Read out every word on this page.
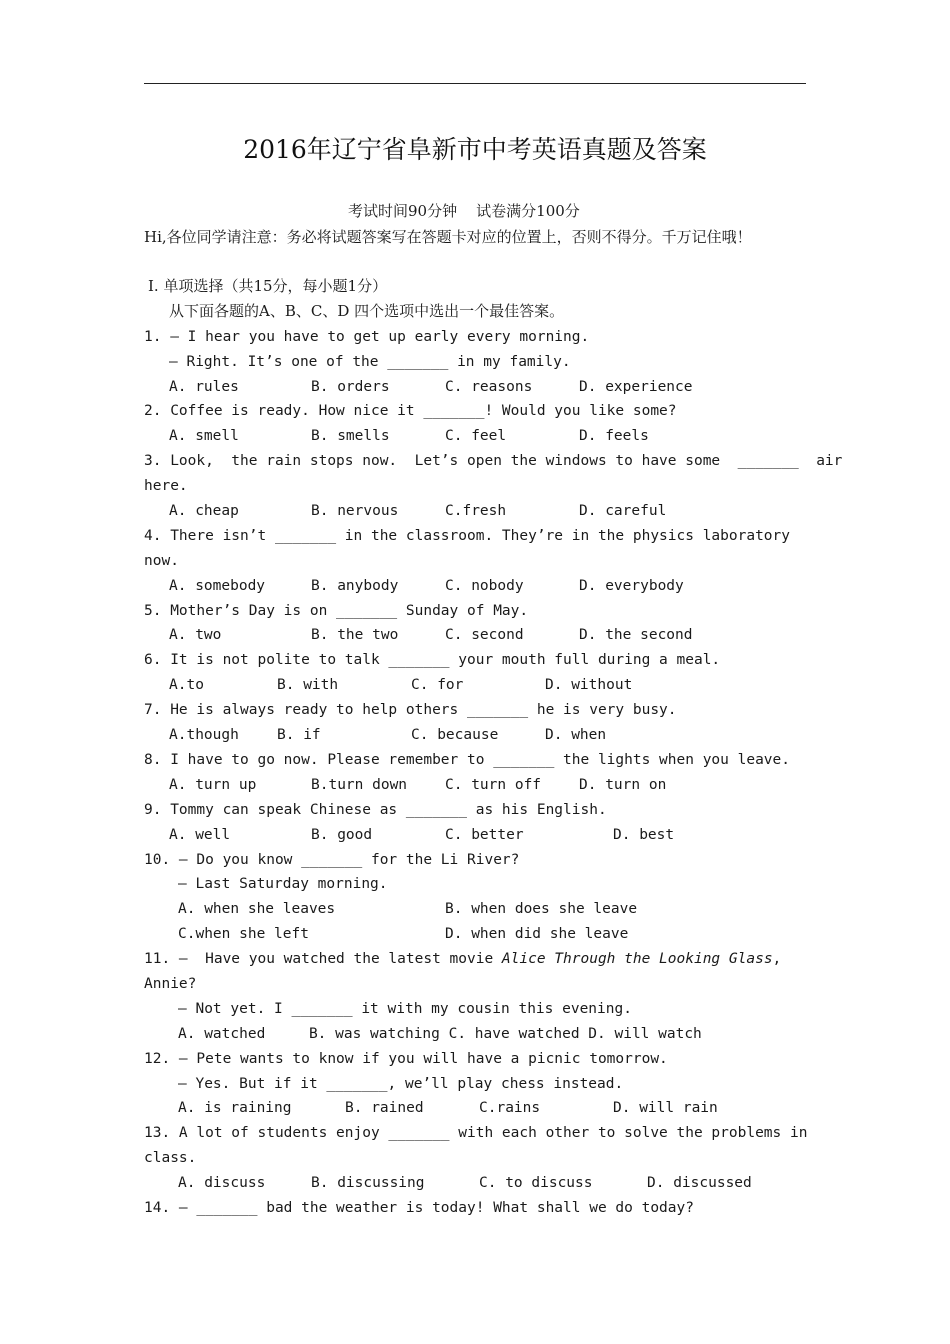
2016年辽宁省阜新市中考英语真题及答案
考试时间90分钟    试卷满分100分
Hi,各位同学请注意：务必将试题答案写在答题卡对应的位置上，否则不得分。千万记住哦！
Ⅰ. 单项选择（共15分，每小题1分）
从下面各题的A、B、C、D 四个选项中选出一个最佳答案。
1. — I hear you have to get up early every morning.
— Right. It’s one of the _______ in my family.
A. rules	B. orders	C. reasons	D. experience
2. Coffee is ready. How nice it _______! Would you like some?
A. smell	B. smells	C. feel	D. feels
3. Look,  the rain stops now.  Let’s open the windows to have some  _______  air
here.
A. cheap	B. nervous	C.fresh	D. careful
4. There isn’t _______ in the classroom. They’re in the physics laboratory
now.
A. somebody	B. anybody	C. nobody	D. everybody
5. Mother’s Day is on _______ Sunday of May.
A. two	B. the two	C. second	D. the second
6. It is not polite to talk _______ your mouth full during a meal.
A.to	B. with	C. for	D. without
7. He is always ready to help others _______ he is very busy.
A.though	B. if	C. because	D. when
8. I have to go now. Please remember to _______ the lights when you leave.
A. turn up	B.turn down	C. turn off	D. turn on
9. Tommy can speak Chinese as _______ as his English.
A. well	B. good	C. better	D. best
10. — Do you know _______ for the Li River?
— Last Saturday morning.
A. when she leaves	B. when does she leave
C.when she left	D. when did she leave
11. —  Have you watched the latest movie Alice Through the Looking Glass,
Annie?
— Not yet. I _______ it with my cousin this evening.
A. watched     B. was watching C. have watched D. will watch
12. — Pete wants to know if you will have a picnic tomorrow.
— Yes. But if it _______, we’ll play chess instead.
A. is raining	B. rained	C.rains	D. will rain
13. A lot of students enjoy _______ with each other to solve the problems in
class.
A. discuss	B. discussing	C. to discuss	D. discussed
14. — _______ bad the weather is today! What shall we do today?
